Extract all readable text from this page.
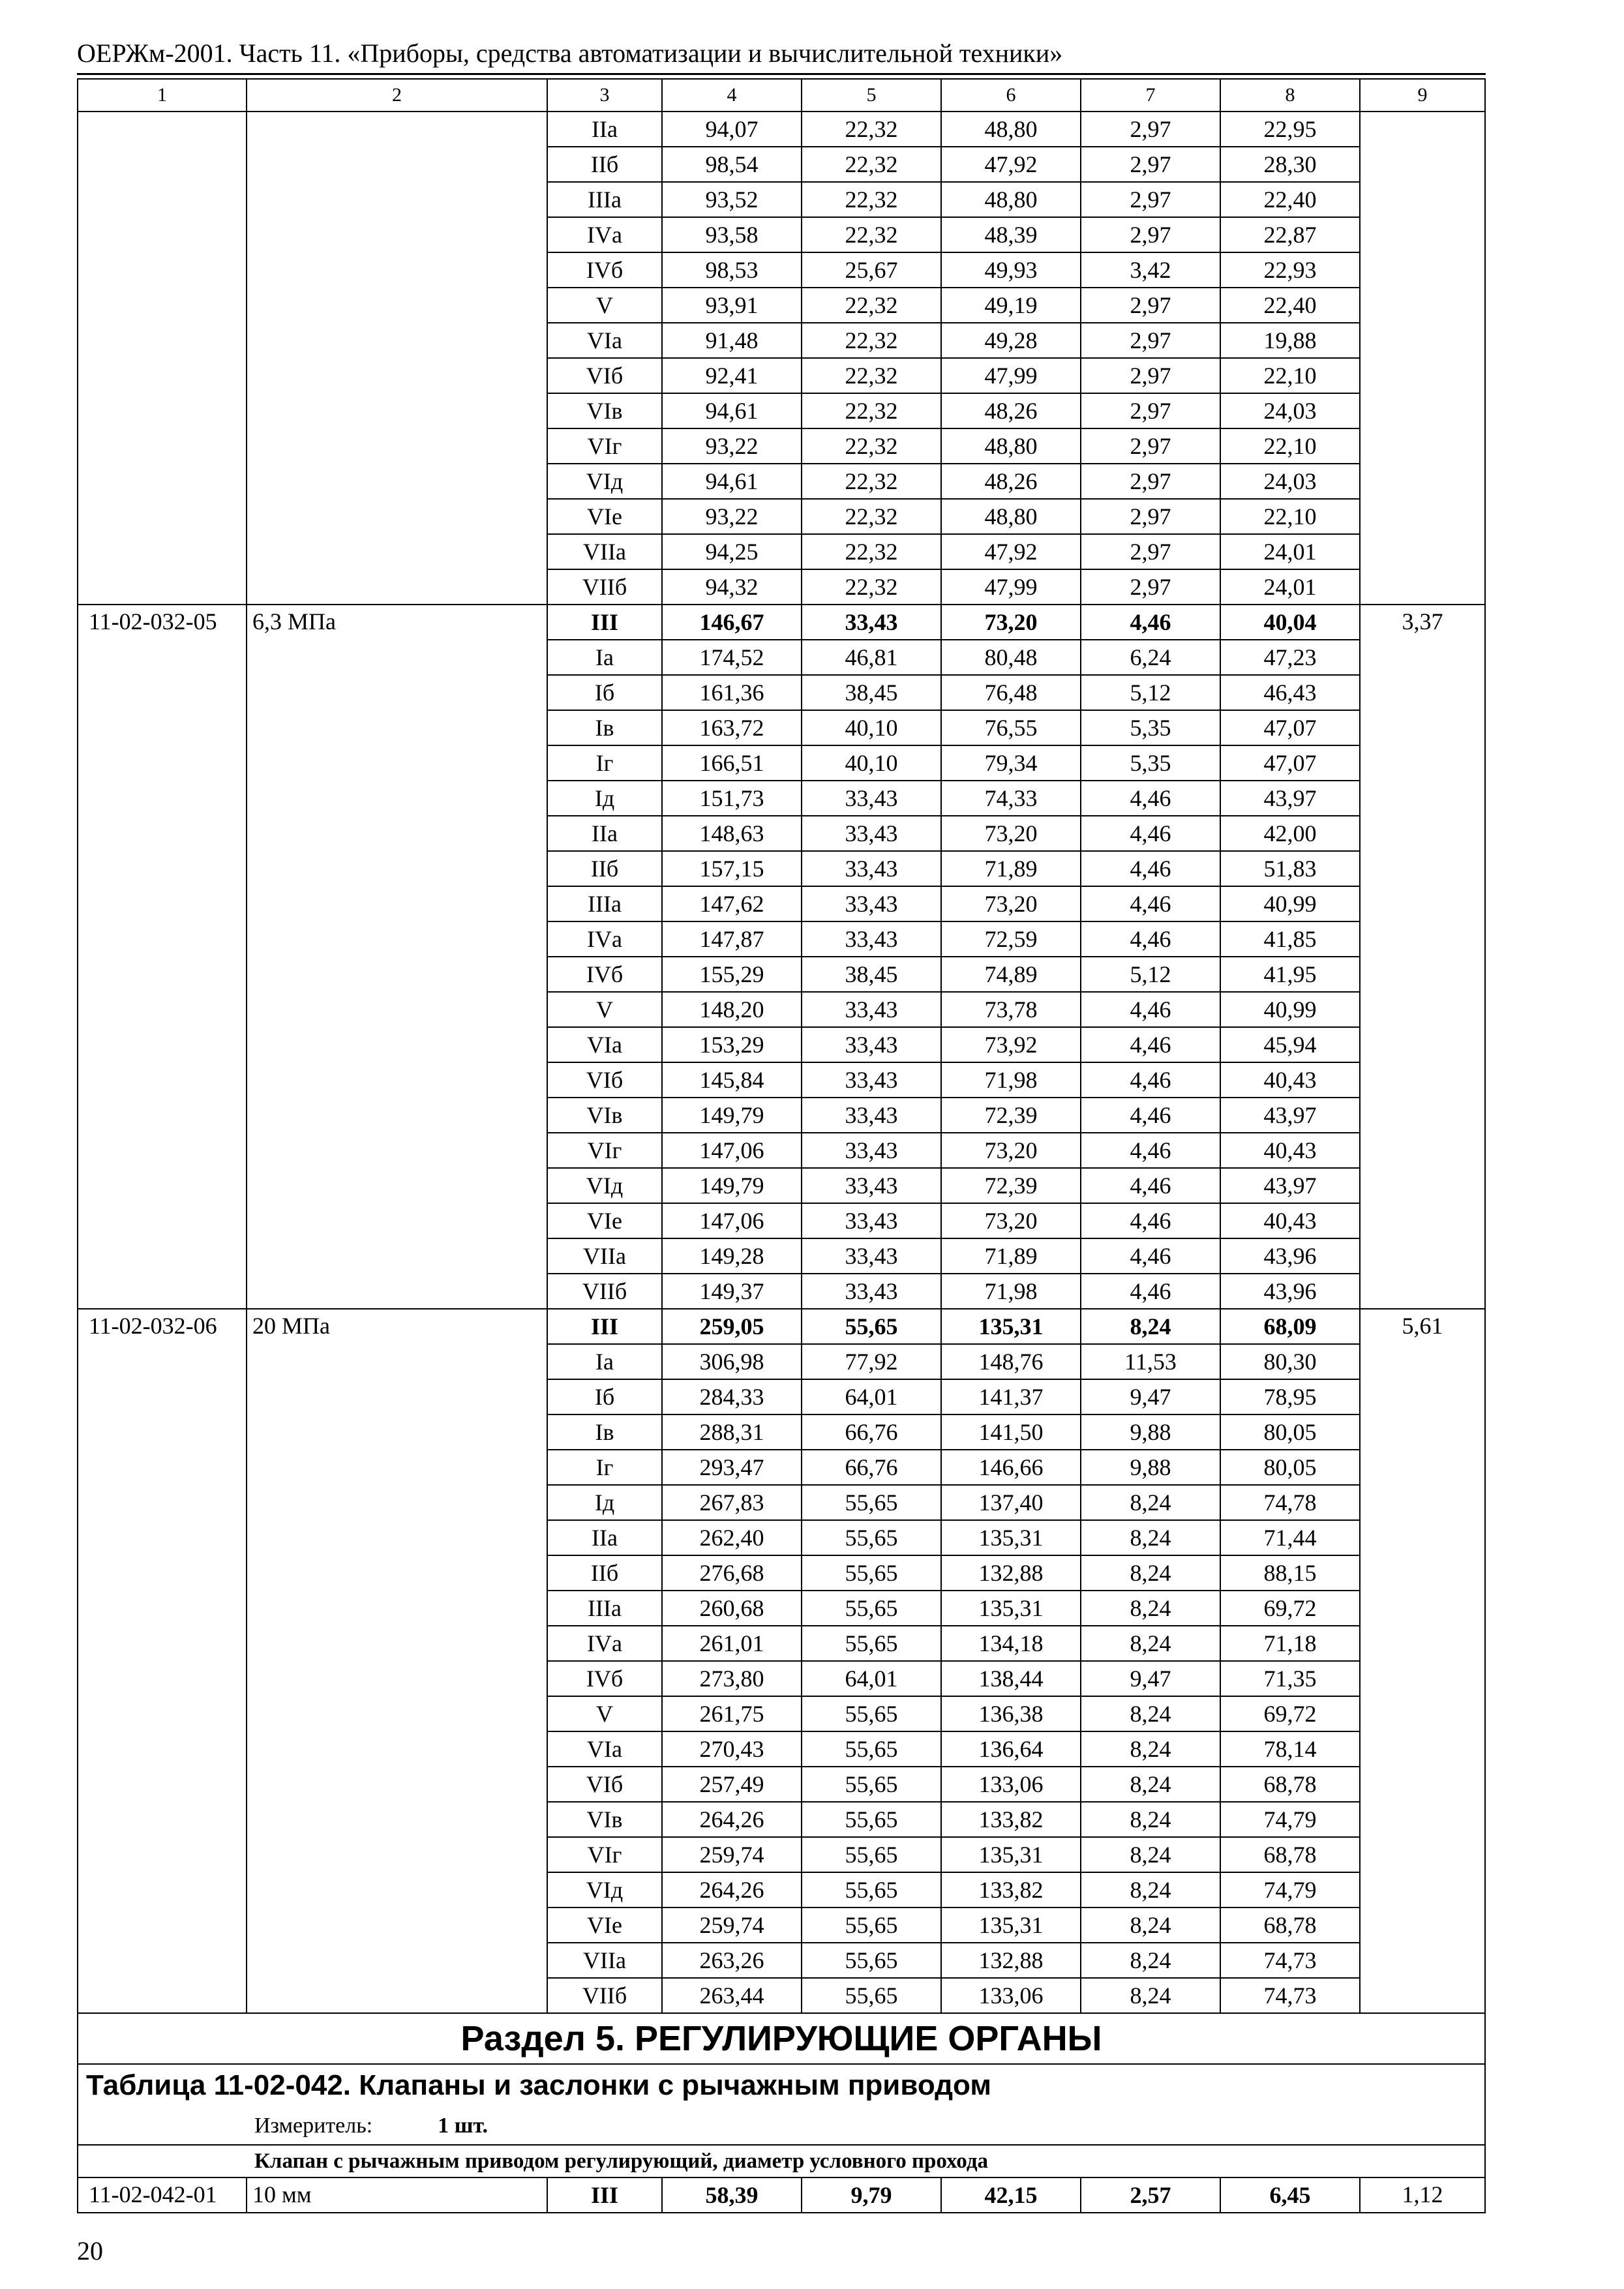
ОЕРЖм-2001. Часть 11. «Приборы, средства автоматизации и вычислительной техники»
1	2	3	4	5	6	7	8	9
		IIа	94,07	22,32	48,80	2,97	22,95	
		IIб	98,54	22,32	47,92	2,97	28,30	
		IIIа	93,52	22,32	48,80	2,97	22,40	
		IVа	93,58	22,32	48,39	2,97	22,87	
		IVб	98,53	25,67	49,93	3,42	22,93	
		V	93,91	22,32	49,19	2,97	22,40	
		VIа	91,48	22,32	49,28	2,97	19,88	
		VIб	92,41	22,32	47,99	2,97	22,10	
		VIв	94,61	22,32	48,26	2,97	24,03	
		VIг	93,22	22,32	48,80	2,97	22,10	
		VIд	94,61	22,32	48,26	2,97	24,03	
		VIе	93,22	22,32	48,80	2,97	22,10	
		VIIа	94,25	22,32	47,92	2,97	24,01	
		VIIб	94,32	22,32	47,99	2,97	24,01	
11-02-032-05	6,3 МПа	III	146,67	33,43	73,20	4,46	40,04	3,37
		Iа	174,52	46,81	80,48	6,24	47,23	
		Iб	161,36	38,45	76,48	5,12	46,43	
		Iв	163,72	40,10	76,55	5,35	47,07	
		Iг	166,51	40,10	79,34	5,35	47,07	
		Iд	151,73	33,43	74,33	4,46	43,97	
		IIа	148,63	33,43	73,20	4,46	42,00	
		IIб	157,15	33,43	71,89	4,46	51,83	
		IIIа	147,62	33,43	73,20	4,46	40,99	
		IVа	147,87	33,43	72,59	4,46	41,85	
		IVб	155,29	38,45	74,89	5,12	41,95	
		V	148,20	33,43	73,78	4,46	40,99	
		VIа	153,29	33,43	73,92	4,46	45,94	
		VIб	145,84	33,43	71,98	4,46	40,43	
		VIв	149,79	33,43	72,39	4,46	43,97	
		VIг	147,06	33,43	73,20	4,46	40,43	
		VIд	149,79	33,43	72,39	4,46	43,97	
		VIе	147,06	33,43	73,20	4,46	40,43	
		VIIа	149,28	33,43	71,89	4,46	43,96	
		VIIб	149,37	33,43	71,98	4,46	43,96	
11-02-032-06	20 МПа	III	259,05	55,65	135,31	8,24	68,09	5,61
		Iа	306,98	77,92	148,76	11,53	80,30	
		Iб	284,33	64,01	141,37	9,47	78,95	
		Iв	288,31	66,76	141,50	9,88	80,05	
		Iг	293,47	66,76	146,66	9,88	80,05	
		Iд	267,83	55,65	137,40	8,24	74,78	
		IIа	262,40	55,65	135,31	8,24	71,44	
		IIб	276,68	55,65	132,88	8,24	88,15	
		IIIа	260,68	55,65	135,31	8,24	69,72	
		IVа	261,01	55,65	134,18	8,24	71,18	
		IVб	273,80	64,01	138,44	9,47	71,35	
		V	261,75	55,65	136,38	8,24	69,72	
		VIа	270,43	55,65	136,64	8,24	78,14	
		VIб	257,49	55,65	133,06	8,24	68,78	
		VIв	264,26	55,65	133,82	8,24	74,79	
		VIг	259,74	55,65	135,31	8,24	68,78	
		VIд	264,26	55,65	133,82	8,24	74,79	
		VIе	259,74	55,65	135,31	8,24	68,78	
		VIIа	263,26	55,65	132,88	8,24	74,73	
		VIIб	263,44	55,65	133,06	8,24	74,73	
Раздел 5. РЕГУЛИРУЮЩИЕ ОРГАНЫ								
Таблица 11-02-042. Клапаны и заслонки с рычажным приводом								
Измеритель: 1 шт.								
Клапан с рычажным приводом регулирующий, диаметр условного прохода								
11-02-042-01	10 мм	III	58,39	9,79	42,15	2,57	6,45	1,12
20
